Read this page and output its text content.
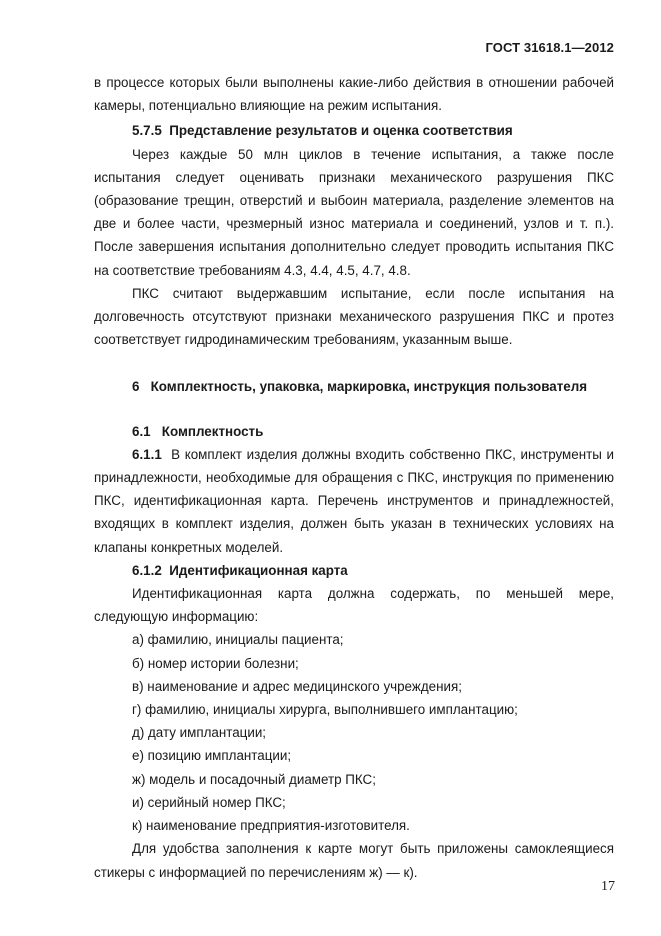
ГОСТ 31618.1—2012

в процессе которых были выполнены какие-либо действия в отношении рабочей камеры, потенциально влияющие на режим испытания.

5.7.5 Представление результатов и оценка соответствия

Через каждые 50 млн циклов в течение испытания, а также после испытания следует оценивать признаки механического разрушения ПКС (образование трещин, отверстий и выбоин материала, разделение элементов на две и более части, чрезмерный износ материала и соединений, узлов и т. п.). После завершения испытания дополнительно следует проводить испытания ПКС на соответствие требованиям 4.3, 4.4, 4.5, 4.7, 4.8.

ПКС считают выдержавшим испытание, если после испытания на долговечность отсутствуют признаки механического разрушения ПКС и протез соответствует гидродинамическим требованиям, указанным выше.

6 Комплектность, упаковка, маркировка, инструкция пользователя

6.1 Комплектность

6.1.1 В комплект изделия должны входить собственно ПКС, инструменты и принадлежности, необходимые для обращения с ПКС, инструкция по применению ПКС, идентификационная карта. Перечень инструментов и принадлежностей, входящих в комплект изделия, должен быть указан в технических условиях на клапаны конкретных моделей.

6.1.2 Идентификационная карта

Идентификационная карта должна содержать, по меньшей мере, следующую информацию:

а) фамилию, инициалы пациента;

б) номер истории болезни;

в) наименование и адрес медицинского учреждения;

г) фамилию, инициалы хирурга, выполнившего имплантацию;

д) дату имплантации;

е) позицию имплантации;

ж) модель и посадочный диаметр ПКС;

и) серийный номер ПКС;

к) наименование предприятия-изготовителя.

Для удобства заполнения к карте могут быть приложены самоклеящиеся стикеры с информацией по перечислениям ж) — к).

17
